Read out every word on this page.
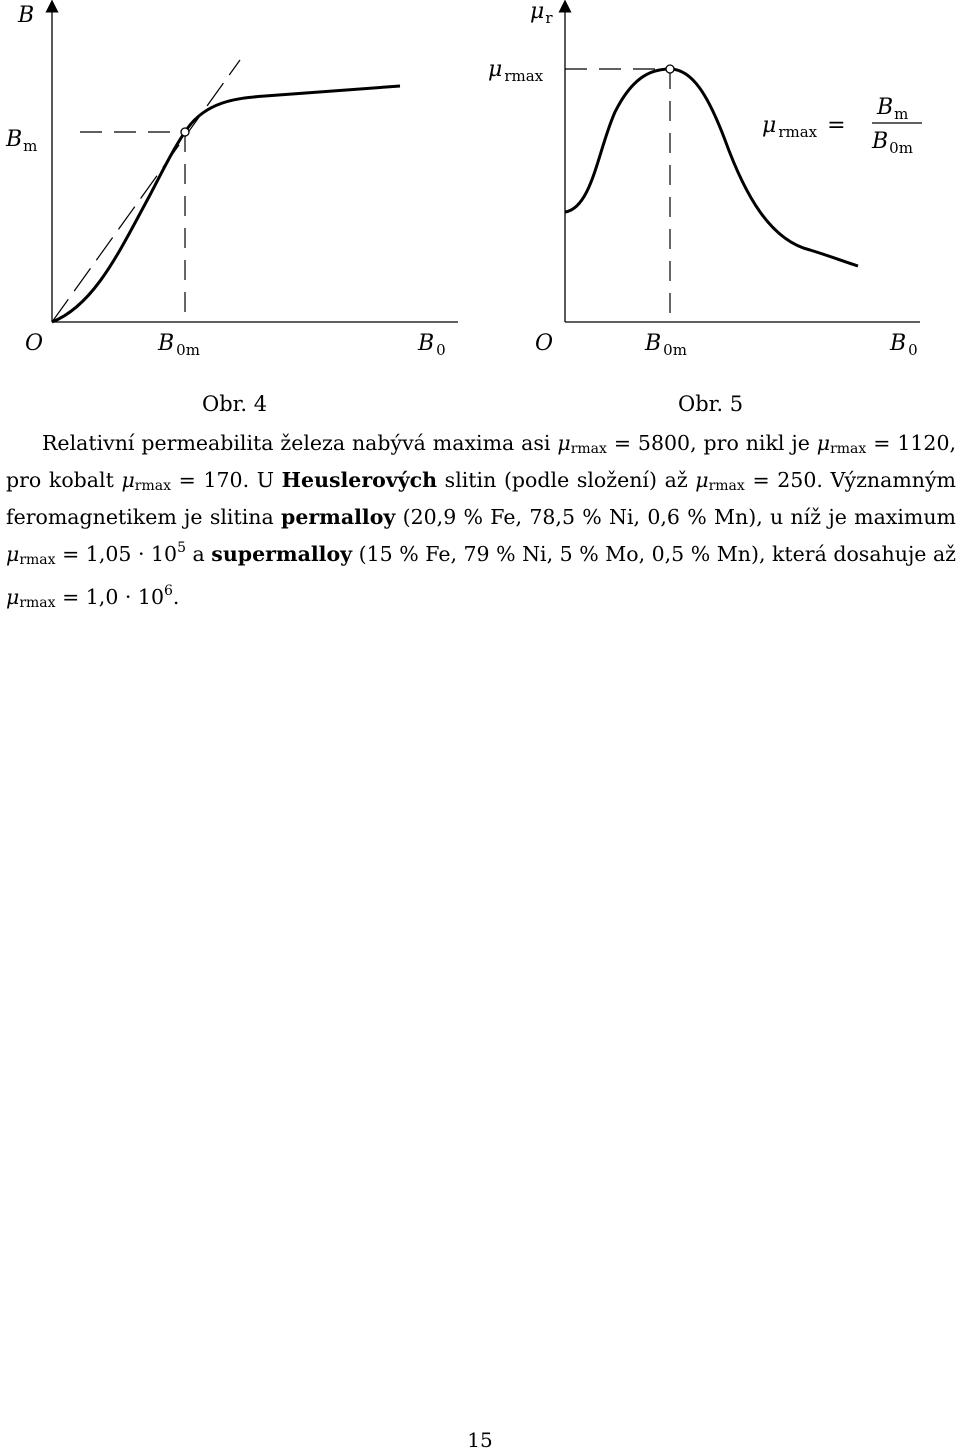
B
$B_m$
O	B $_{0m}$	B $_0$
$\mu_r$
μ $_{rmax}$
μ $_{rmax}$ =
$B_m$
$B_{0m}$
O	B $_{0m}$	B $_0$
Obr. 4	Obr. 5

Relativní permeabilita železa nabývá maxima asi $\mu_{rmax} = 5800$, pro nikl je $\mu_{rmax} = 1120$, pro kobalt $\mu_{rmax} = 170$. U Heuslerových slitin (podle složení) až $\mu_{rmax} = 250$. Významným feromagnetikem je slitina permalloy (20,9 % Fe, 78,5 % Ni, 0,6 % Mn), u níž je maximum $\mu_{rmax} = 1,05 \cdot 10^5$ a supermalloy (15 % Fe, 79 % Ni, 5 % Mo, 0,5 % Mn), která dosahuje až $\mu_{rmax} = 1,0 \cdot 10^6$.

15
